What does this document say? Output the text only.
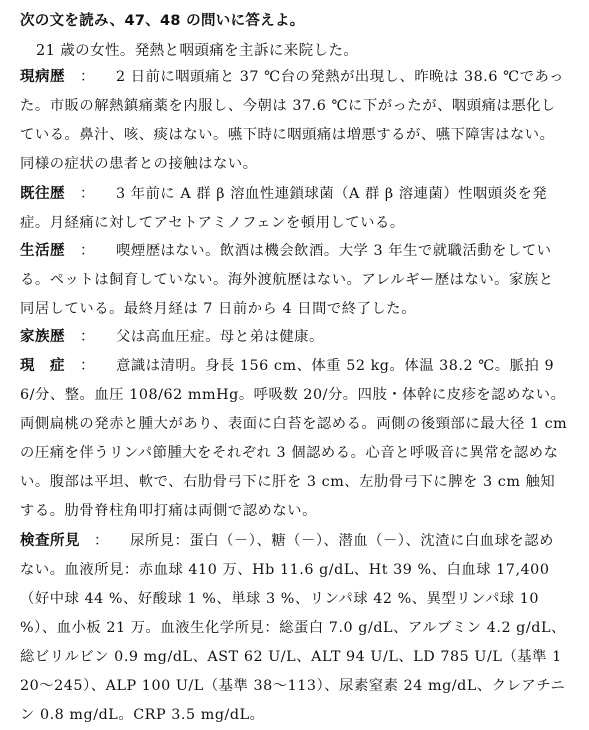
次の文を読み、47、48 の問いに答えよ。
21 歳の女性。発熱と咽頭痛を主訴に来院した。
現病歴 ：	2 日前に咽頭痛と 37 ℃台の発熱が出現し、昨晩は 38.6 ℃であった。市販の解熱鎮痛薬を内服し、今朝は 37.6 ℃に下がったが、咽頭痛は悪化している。鼻汁、咳、痰はない。嚥下時に咽頭痛は増悪するが、嚥下障害はない。同様の症状の患者との接触はない。
既往歴 ：	3 年前に A 群 β 溶血性連鎖球菌（A 群 β 溶連菌）性咽頭炎を発症。月経痛に対してアセトアミノフェンを頓用している。
生活歴 ：	喫煙歴はない。飲酒は機会飲酒。大学 3 年生で就職活動をしている。ペットは飼育していない。海外渡航歴はない。アレルギー歴はない。家族と同居している。最終月経は 7 日前から 4 日間で終了した。
家族歴 ：	父は高血圧症。母と弟は健康。
現　症 ：	意識は清明。身長 156 cm、体重 52 kg。体温 38.2 ℃。脈拍 96/分、整。血圧 108/62 mmHg。呼吸数 20/分。四肢・体幹に皮疹を認めない。両側扁桃の発赤と腫大があり、表面に白苔を認める。両側の後頸部に最大径 1 cm の圧痛を伴うリンパ節腫大をそれぞれ 3 個認める。心音と呼吸音に異常を認めない。腹部は平坦、軟で、右肋骨弓下に肝を 3 cm、左肋骨弓下に脾を 3 cm 触知する。肋骨脊柱角叩打痛は両側で認めない。
検査所見 ：	尿所見：蛋白（－）、糖（－）、潜血（－）、沈渣に白血球を認めない。血液所見：赤血球 410 万、Hb 11.6 g/dL、Ht 39 %、白血球 17,400（好中球 44 %、好酸球 1 %、単球 3 %、リンパ球 42 %、異型リンパ球 10 %）、血小板 21 万。血液生化学所見：総蛋白 7.0 g/dL、アルブミン 4.2 g/dL、総ビリルビン 0.9 mg/dL、AST 62 U/L、ALT 94 U/L、LD 785 U/L（基準 120～245）、ALP 100 U/L（基準 38～113）、尿素窒素 24 mg/dL、クレアチニン 0.8 mg/dL。CRP 3.5 mg/dL。
